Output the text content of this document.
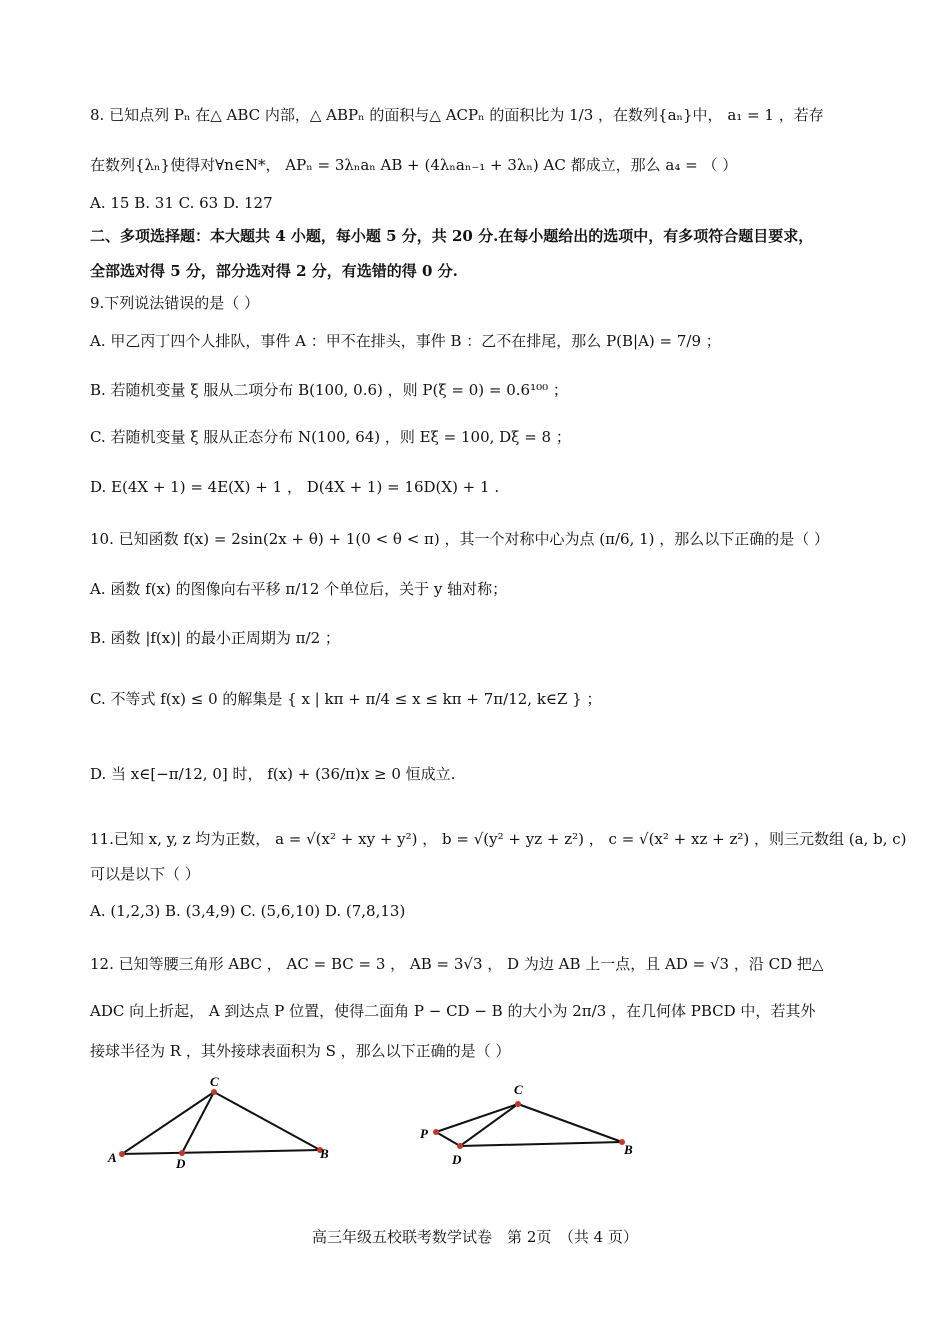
8. 已知点列 Pₙ 在△ ABC 内部，△ ABPₙ 的面积与△ ACPₙ 的面积比为 1/3 ，在数列{aₙ}中， a₁ = 1 ，若存
在数列{λₙ}使得对∀n∈N*， APₙ = 3λₙaₙ AB + (4λₙaₙ₋₁ + 3λₙ) AC 都成立，那么 a₄ = （ ）
A. 15 B. 31 C. 63 D. 127
二、多项选择题：本大题共 4 小题，每小题 5 分，共 20 分.在每小题给出的选项中，有多项符合题目要求，
全部选对得 5 分，部分选对得 2 分，有选错的得 0 分.
9.下列说法错误的是（ ）
A. 甲乙丙丁四个人排队，事件 A ：甲不在排头，事件 B ：乙不在排尾，那么 P(B|A) = 7/9 ；
B. 若随机变量 ξ 服从二项分布 B(100, 0.6) ，则 P(ξ = 0) = 0.6¹⁰⁰ ；
C. 若随机变量 ξ 服从正态分布 N(100, 64) ，则 Eξ = 100, Dξ = 8 ；
D. E(4X + 1) = 4E(X) + 1 ， D(4X + 1) = 16D(X) + 1 .
10. 已知函数 f(x) = 2sin(2x + θ) + 1(0 < θ < π) ，其一个对称中心为点 (π/6, 1) ，那么以下正确的是（ ）
A. 函数 f(x) 的图像向右平移 π/12 个单位后，关于 y 轴对称；
B. 函数 |f(x)| 的最小正周期为 π/2 ；
C. 不等式 f(x) ≤ 0 的解集是 { x | kπ + π/4 ≤ x ≤ kπ + 7π/12, k∈Z } ；
D. 当 x∈[−π/12, 0] 时， f(x) + (36/π)x ≥ 0 恒成立.
11.已知 x, y, z 均为正数， a = √(x² + xy + y²) ， b = √(y² + yz + z²) ， c = √(x² + xz + z²) ，则三元数组 (a, b, c)
可以是以下（ ）
A. (1,2,3) B. (3,4,9) C. (5,6,10) D. (7,8,13)
12. 已知等腰三角形 ABC ， AC = BC = 3 ， AB = 3√3 ， D 为边 AB 上一点，且 AD = √3 ，沿 CD 把△
ADC 向上折起， A 到达点 P 位置，使得二面角 P − CD − B 的大小为 2π/3 ，在几何体 PBCD 中，若其外
接球半径为 R ，其外接球表面积为 S ，那么以下正确的是（ ）
C
A	D
B
C
P
D
B
高三年级五校联考数学试卷　第 2页　（共 4 页）
